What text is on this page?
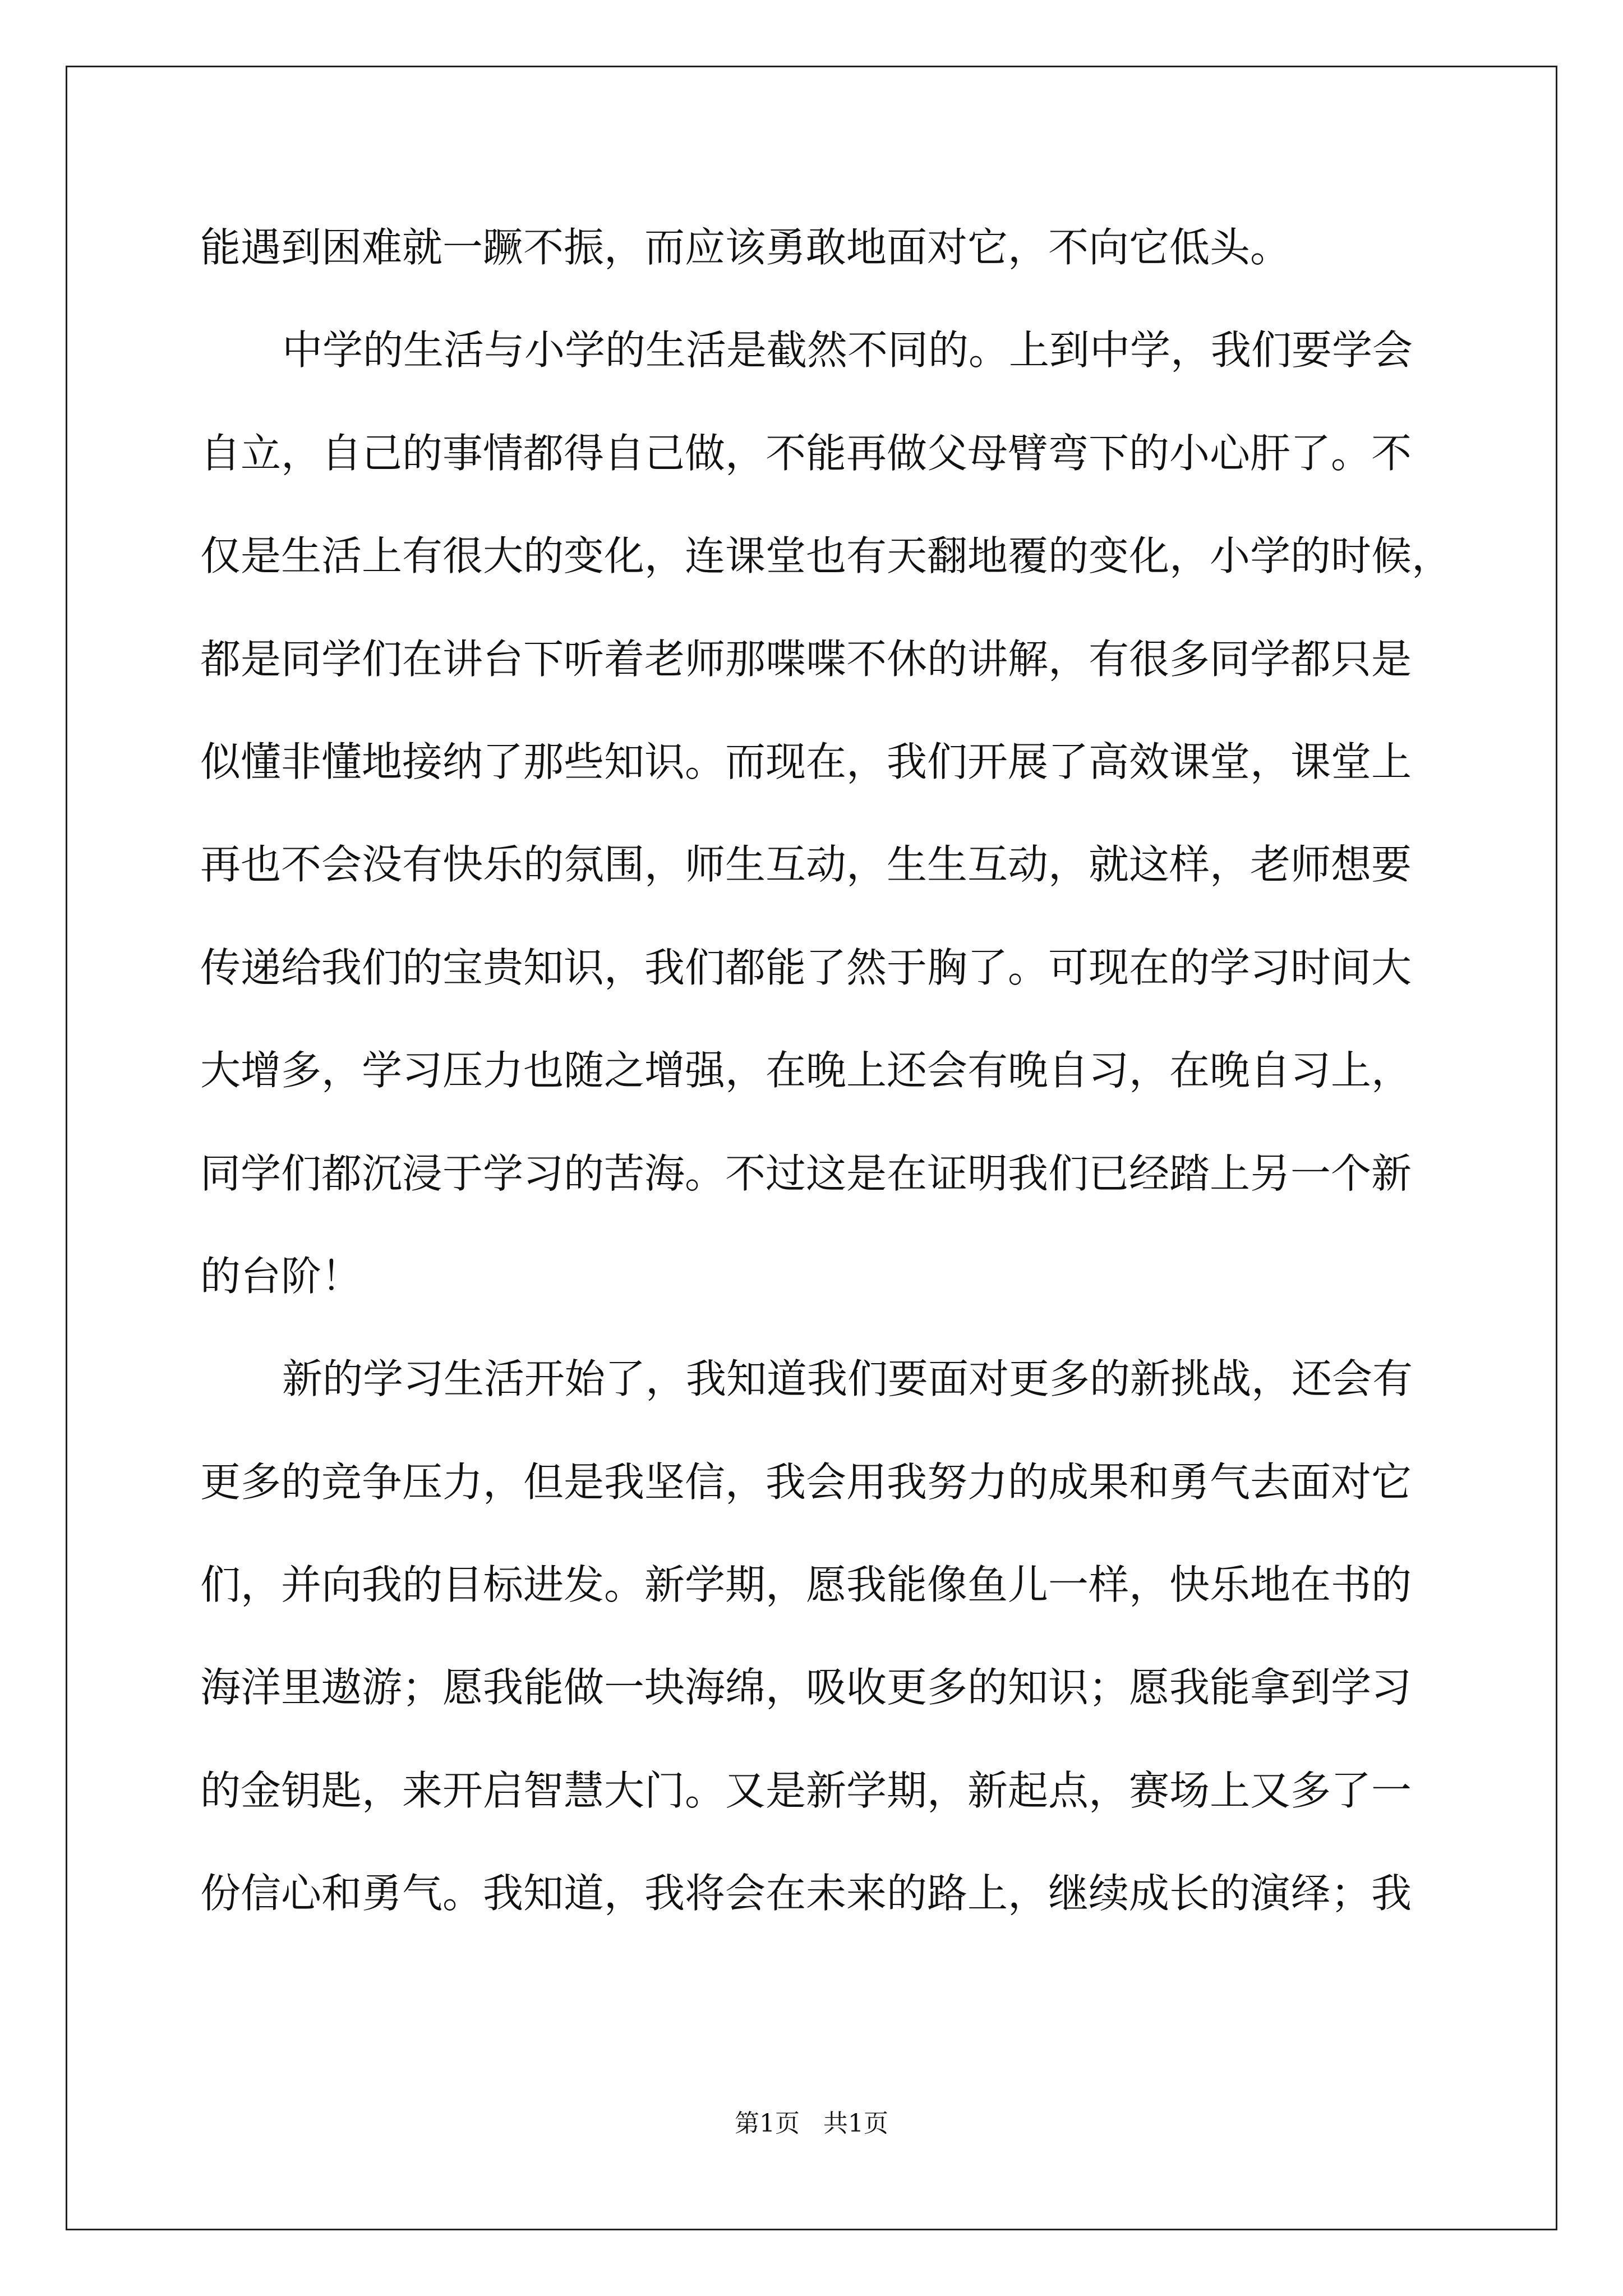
能遇到困难就一蹶不振，而应该勇敢地面对它，不向它低头。
中学的生活与小学的生活是截然不同的。上到中学，我们要学会
自立，自己的事情都得自己做，不能再做父母臂弯下的小心肝了。不
仅是生活上有很大的变化，连课堂也有天翻地覆的变化，小学的时候，
都是同学们在讲台下听着老师那喋喋不休的讲解，有很多同学都只是
似懂非懂地接纳了那些知识。而现在，我们开展了高效课堂，课堂上
再也不会没有快乐的氛围，师生互动，生生互动，就这样，老师想要
传递给我们的宝贵知识，我们都能了然于胸了。可现在的学习时间大
大增多，学习压力也随之增强，在晚上还会有晚自习，在晚自习上，
同学们都沉浸于学习的苦海。不过这是在证明我们已经踏上另一个新
的台阶！
新的学习生活开始了，我知道我们要面对更多的新挑战，还会有
更多的竞争压力，但是我坚信，我会用我努力的成果和勇气去面对它
们，并向我的目标进发。新学期，愿我能像鱼儿一样，快乐地在书的
海洋里遨游；愿我能做一块海绵，吸收更多的知识；愿我能拿到学习
的金钥匙，来开启智慧大门。又是新学期，新起点，赛场上又多了一
份信心和勇气。我知道，我将会在未来的路上，继续成长的演绎；我
第1页   共1页
